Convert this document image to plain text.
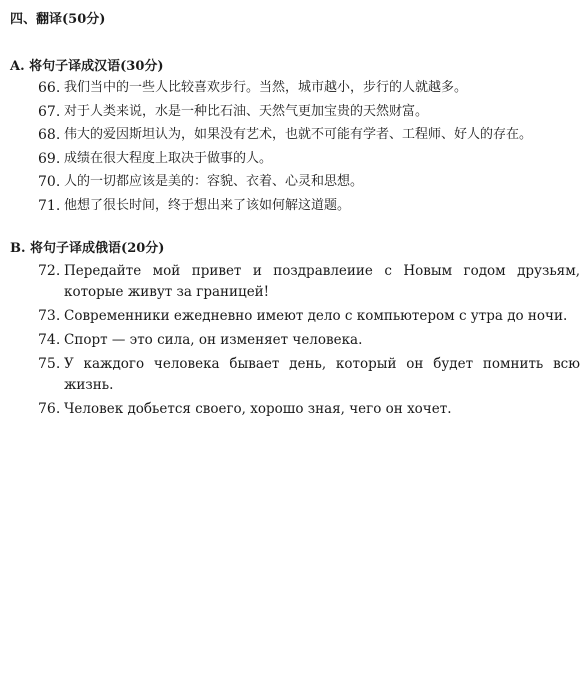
四、翻译(50分)
A. 将句子译成汉语(30分)
66. 我们当中的一些人比较喜欢步行。当然，城市越小，步行的人就越多。
67. 对于人类来说，水是一种比石油、天然气更加宝贵的天然财富。
68. 伟大的爱因斯坦认为，如果没有艺术，也就不可能有学者、工程师、好人的存在。
69. 成绩在很大程度上取决于做事的人。
70. 人的一切都应该是美的：容貌、衣着、心灵和思想。
71. 他想了很长时间，终于想出来了该如何解这道题。
B. 将句子译成俄语(20分)
72. Передайте мой привет и поздравлеиие с Новым годом друзьям, которые живут за границей!
73. Современники ежедневно имеют дело с компьютером с утра до ночи.
74. Спорт — это сила, он изменяет человека.
75. У каждого человека бывает день, который он будет помнить всю жизнь.
76. Человек добьется своего, хорошо зная, чего он хочет.
